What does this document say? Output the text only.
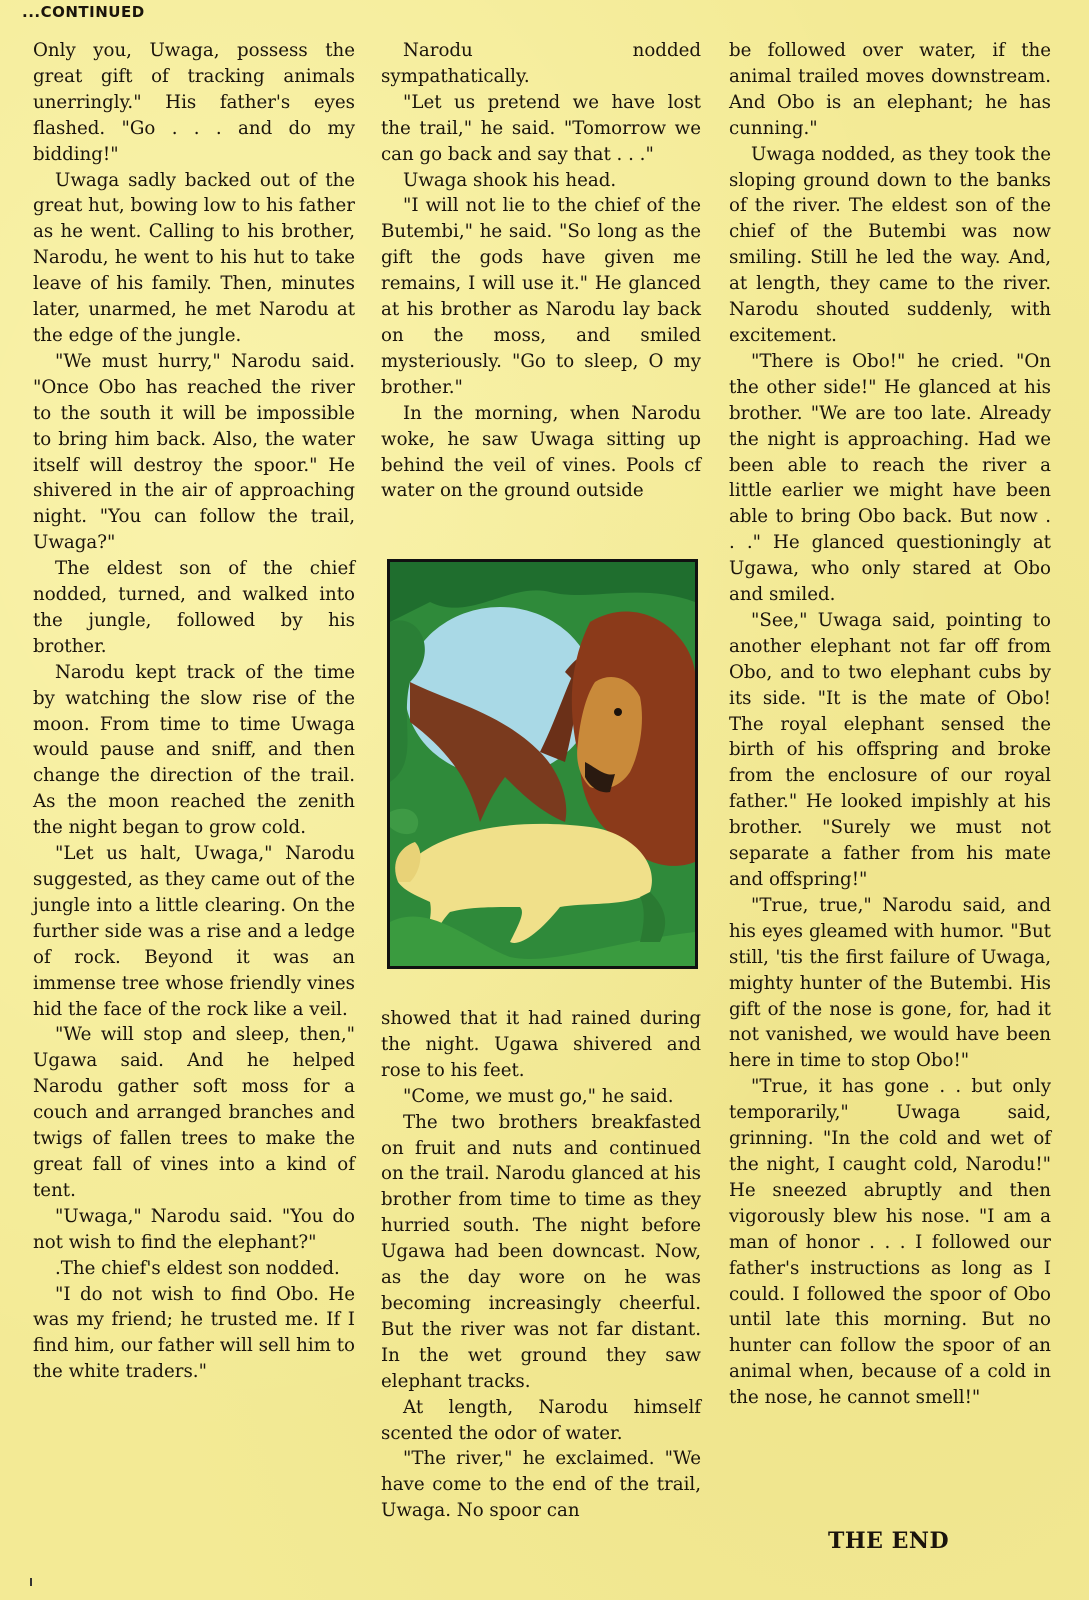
...CONTINUED

Only you, Uwaga, possess the great gift of tracking animals unerringly." His father's eyes flashed. "Go . . . and do my bidding!"

Uwaga sadly backed out of the great hut, bowing low to his father as he went. Calling to his brother, Narodu, he went to his hut to take leave of his family. Then, minutes later, unarmed, he met Narodu at the edge of the jungle.

"We must hurry," Narodu said. "Once Obo has reached the river to the south it will be impossible to bring him back. Also, the water itself will destroy the spoor." He shivered in the air of approaching night. "You can follow the trail, Uwaga?"

The eldest son of the chief nodded, turned, and walked into the jungle, followed by his brother.

Narodu kept track of the time by watching the slow rise of the moon. From time to time Uwaga would pause and sniff, and then change the direction of the trail. As the moon reached the zenith the night began to grow cold.

"Let us halt, Uwaga," Narodu suggested, as they came out of the jungle into a little clearing. On the further side was a rise and a ledge of rock. Beyond it was an immense tree whose friendly vines hid the face of the rock like a veil.

"We will stop and sleep, then," Ugawa said. And he helped Narodu gather soft moss for a couch and arranged branches and twigs of fallen trees to make the great fall of vines into a kind of tent.

"Uwaga," Narodu said. "You do not wish to find the elephant?"

.The chief's eldest son nodded.

"I do not wish to find Obo. He was my friend; he trusted me. If I find him, our father will sell him to the white traders."

Narodu nodded sympathatically.

"Let us pretend we have lost the trail," he said. "Tomorrow we can go back and say that . . ."

Uwaga shook his head.

"I will not lie to the chief of the Butembi," he said. "So long as the gift the gods have given me remains, I will use it." He glanced at his brother as Narodu lay back on the moss, and smiled mysteriously. "Go to sleep, O my brother."

In the morning, when Narodu woke, he saw Uwaga sitting up behind the veil of vines. Pools cf water on the ground outside

showed that it had rained during the night. Ugawa shivered and rose to his feet.

"Come, we must go," he said.

The two brothers breakfasted on fruit and nuts and continued on the trail. Narodu glanced at his brother from time to time as they hurried south. The night before Ugawa had been downcast. Now, as the day wore on he was becoming increasingly cheerful. But the river was not far distant. In the wet ground they saw elephant tracks.

At length, Narodu himself scented the odor of water.

"The river," he exclaimed. "We have come to the end of the trail, Uwaga. No spoor can

be followed over water, if the animal trailed moves downstream. And Obo is an elephant; he has cunning."

Uwaga nodded, as they took the sloping ground down to the banks of the river. The eldest son of the chief of the Butembi was now smiling. Still he led the way. And, at length, they came to the river. Narodu shouted suddenly, with excitement.

"There is Obo!" he cried. "On the other side!" He glanced at his brother. "We are too late. Already the night is approaching. Had we been able to reach the river a little earlier we might have been able to bring Obo back. But now . . ." He glanced questioningly at Ugawa, who only stared at Obo and smiled.

"See," Uwaga said, pointing to another elephant not far off from Obo, and to two elephant cubs by its side. "It is the mate of Obo! The royal elephant sensed the birth of his offspring and broke from the enclosure of our royal father." He looked impishly at his brother. "Surely we must not separate a father from his mate and offspring!"

"True, true," Narodu said, and his eyes gleamed with humor. "But still, 'tis the first failure of Uwaga, mighty hunter of the Butembi. His gift of the nose is gone, for, had it not vanished, we would have been here in time to stop Obo!"

"True, it has gone . . but only temporarily," Uwaga said, grinning. "In the cold and wet of the night, I caught cold, Narodu!" He sneezed abruptly and then vigorously blew his nose. "I am a man of honor . . . I followed our father's instructions as long as I could. I followed the spoor of Obo until late this morning. But no hunter can follow the spoor of an animal when, because of a cold in the nose, he cannot smell!"

THE END
